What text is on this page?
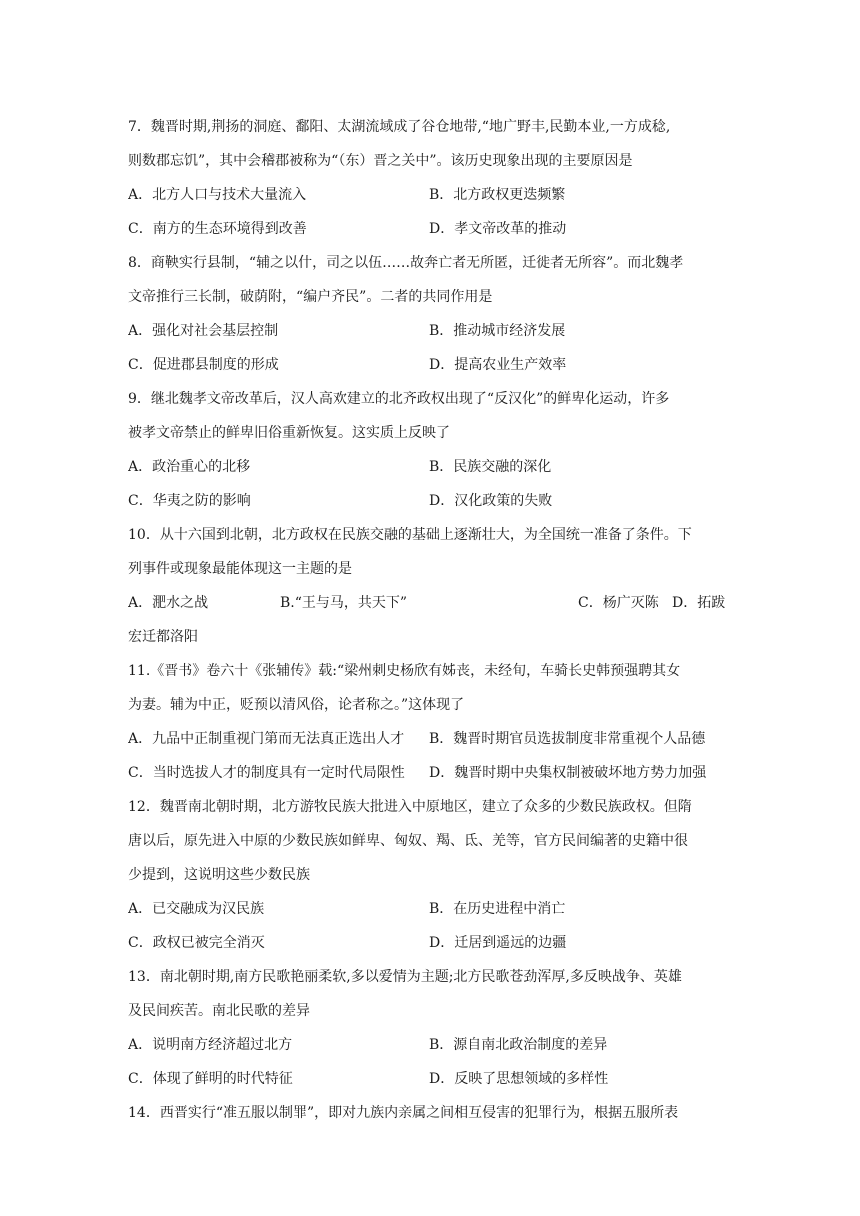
7．魏晋时期,荆扬的洞庭、鄱阳、太湖流域成了谷仓地带,“地广野丰,民勤本业,一方成稔,
则数郡忘饥”，其中会稽郡被称为“（东）晋之关中”。该历史现象出现的主要原因是
A．北方人口与技术大量流入	B．北方政权更迭频繁
C．南方的生态环境得到改善	D．孝文帝改革的推动
8．商鞅实行县制，“辅之以什，司之以伍……故奔亡者无所匿，迁徙者无所容”。而北魏孝
文帝推行三长制，破荫附，“编户齐民”。二者的共同作用是
A．强化对社会基层控制	B．推动城市经济发展
C．促进郡县制度的形成	D．提高农业生产效率
9．继北魏孝文帝改革后，汉人高欢建立的北齐政权出现了“反汉化”的鲜卑化运动，许多
被孝文帝禁止的鲜卑旧俗重新恢复。这实质上反映了
A．政治重心的北移	B．民族交融的深化
C．华夷之防的影响	D．汉化政策的失败
10．从十六国到北朝，北方政权在民族交融的基础上逐渐壮大，为全国统一准备了条件。下
列事件或现象最能体现这一主题的是
A．淝水之战	B.“王与马，共天下”	C．杨广灭陈 D．拓跋
宏迁都洛阳
11.《晋书》卷六十《张辅传》载:“梁州刺史杨欣有姊丧，未经旬，车骑长史韩预强聘其女
为妻。辅为中正，贬预以清风俗，论者称之。”这体现了
A．九品中正制重视门第而无法真正选出人才	B．魏晋时期官员选拔制度非常重视个人品德
C．当时选拔人才的制度具有一定时代局限性	D．魏晋时期中央集权制被破坏地方势力加强
12．魏晋南北朝时期，北方游牧民族大批进入中原地区，建立了众多的少数民族政权。但隋
唐以后，原先进入中原的少数民族如鲜卑、匈奴、羯、氐、羌等，官方民间编著的史籍中很
少提到，这说明这些少数民族
A．已交融成为汉民族	B．在历史进程中消亡
C．政权已被完全消灭	D．迁居到遥远的边疆
13．南北朝时期,南方民歌艳丽柔软,多以爱情为主题;北方民歌苍劲浑厚,多反映战争、英雄
及民间疾苦。南北民歌的差异
A．说明南方经济超过北方	B．源自南北政治制度的差异
C．体现了鲜明的时代特征	D．反映了思想领域的多样性
14．西晋实行“准五服以制罪”，即对九族内亲属之间相互侵害的犯罪行为，根据五服所表
